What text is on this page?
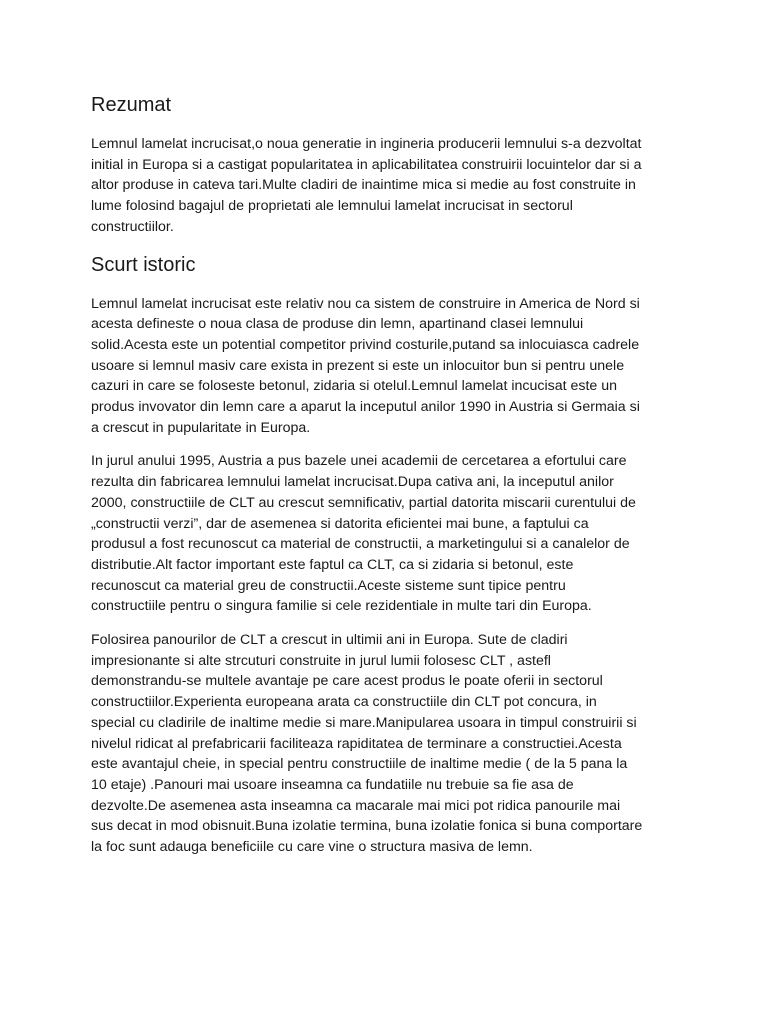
Rezumat

Lemnul lamelat incrucisat,o noua generatie in ingineria producerii lemnului s-a dezvoltat
initial in Europa si a castigat popularitatea in aplicabilitatea construirii locuintelor dar si a
altor produse in cateva tari.Multe cladiri de inaintime mica si medie au fost construite in
lume folosind bagajul de proprietati ale lemnului lamelat incrucisat in sectorul
constructiilor.

Scurt istoric

Lemnul lamelat incrucisat este relativ nou ca sistem de construire in America de Nord si
acesta defineste o noua clasa de produse din lemn, apartinand clasei lemnului
solid.Acesta este un potential competitor privind costurile,putand sa inlocuiasca cadrele
usoare si lemnul masiv care exista in prezent si este un inlocuitor bun si pentru unele
cazuri in care se foloseste betonul, zidaria si otelul.Lemnul lamelat incucisat este un
produs invovator din lemn care a aparut la inceputul anilor 1990 in Austria si Germaia si
a crescut in pupularitate in Europa.

In jurul anului 1995, Austria a pus bazele unei academii de cercetarea a efortului care
rezulta din fabricarea lemnului lamelat incrucisat.Dupa cativa ani, la inceputul anilor
2000, constructiile de CLT au crescut semnificativ, partial datorita miscarii curentului de
„constructii verzi”, dar de asemenea si datorita eficientei mai bune, a faptului ca
produsul a fost recunoscut ca material de constructii, a marketingului si a canalelor de
distributie.Alt factor important este faptul ca CLT, ca si zidaria si betonul, este
recunoscut ca material greu de constructii.Aceste sisteme sunt tipice pentru
constructiile pentru o singura familie si cele rezidentiale in multe tari din Europa.

Folosirea panourilor de CLT a crescut in ultimii ani in Europa. Sute de cladiri
impresionante si alte strcuturi construite in jurul lumii folosesc CLT , astefl
demonstrandu-se multele avantaje pe care acest produs le poate oferii in sectorul
constructiilor.Experienta europeana arata ca constructiile din CLT pot concura, in
special cu cladirile de inaltime medie si mare.Manipularea usoara in timpul construirii si
nivelul ridicat al prefabricarii faciliteaza rapiditatea de terminare a constructiei.Acesta
este avantajul cheie, in special pentru constructiile de inaltime medie ( de la 5 pana la
10 etaje) .Panouri mai usoare inseamna ca fundatiile nu trebuie sa fie asa de
dezvolte.De asemenea asta inseamna ca macarale mai mici pot ridica panourile mai
sus decat in mod obisnuit.Buna izolatie termina, buna izolatie fonica si buna comportare
la foc sunt adauga beneficiile cu care vine o structura masiva de lemn.
